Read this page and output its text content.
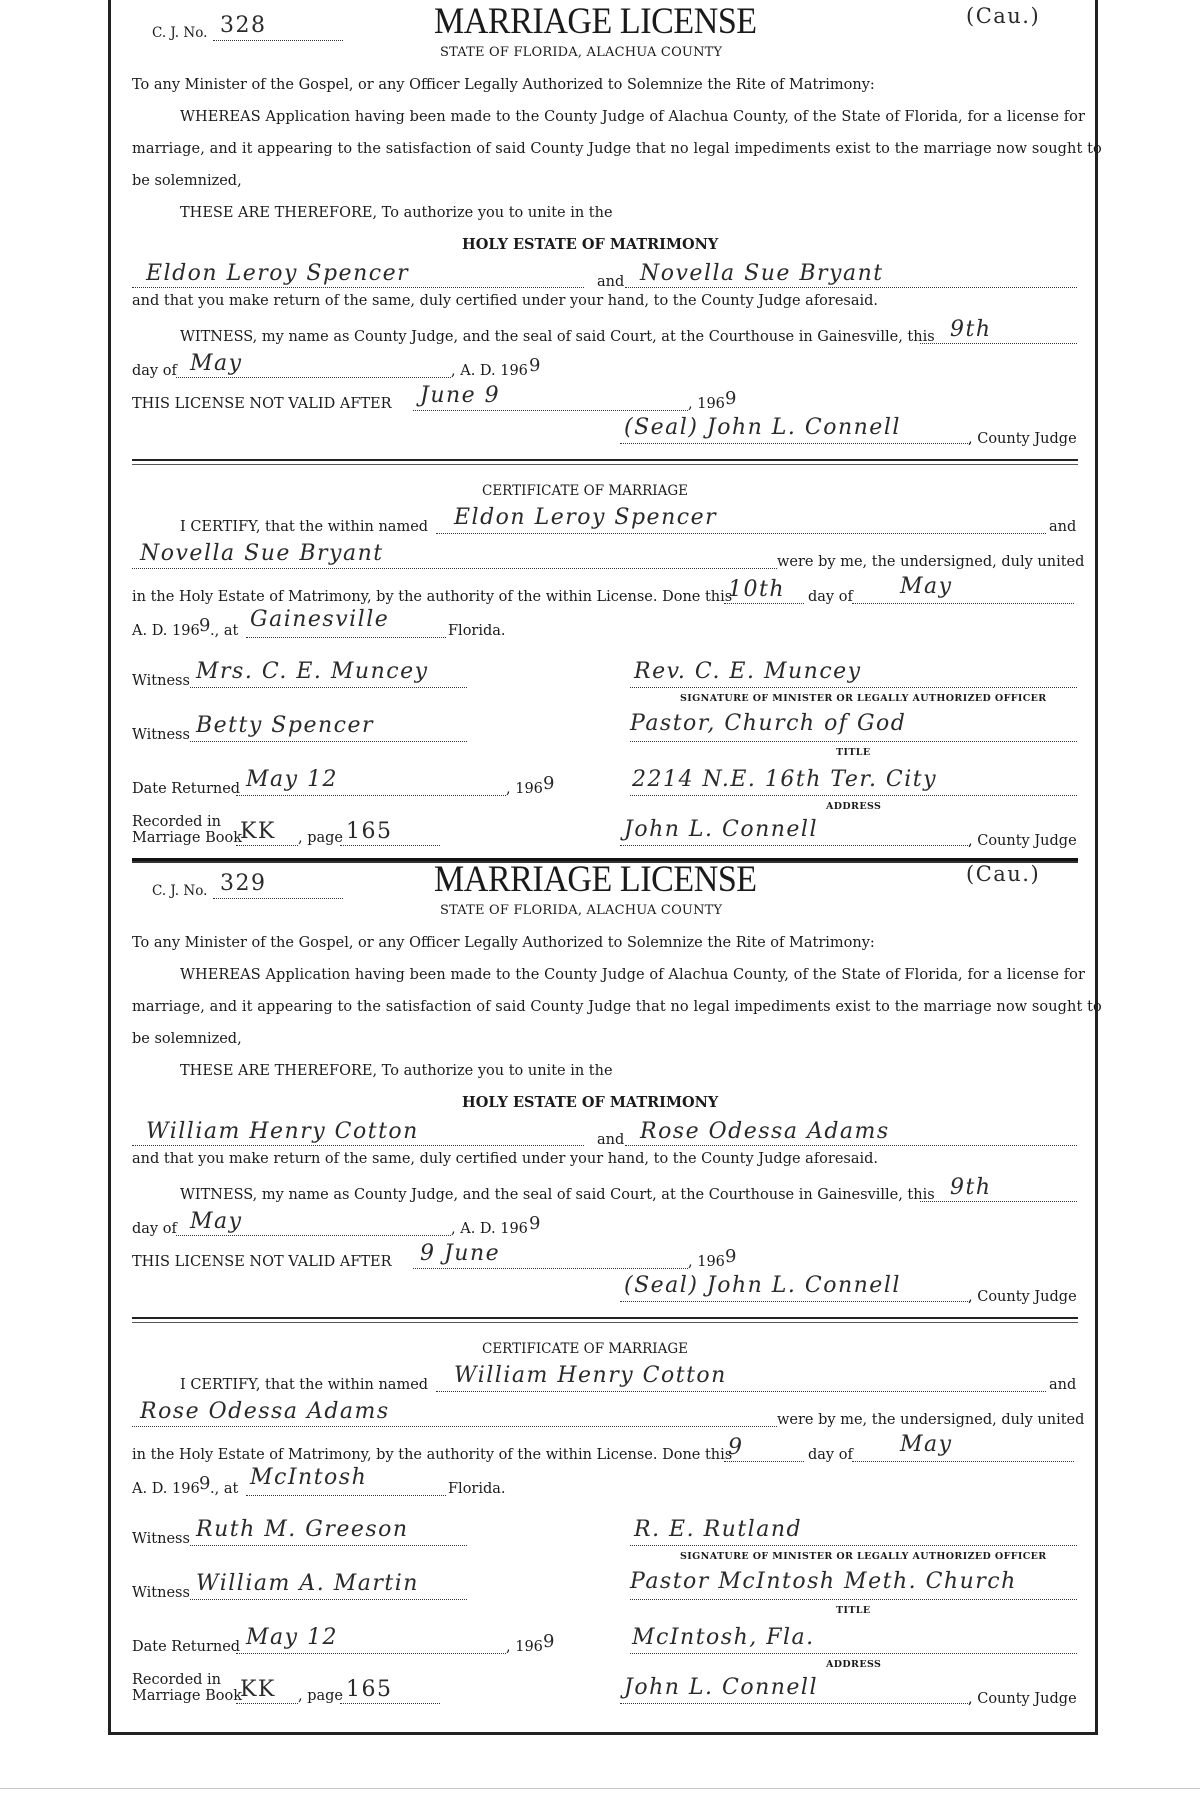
C. J. No. 328	MARRIAGE LICENSE
STATE OF FLORIDA, ALACHUA COUNTY
(Cau.)
To any Minister of the Gospel, or any Officer Legally Authorized to Solemnize the Rite of Matrimony:
WHEREAS Application having been made to the County Judge of Alachua County, of the State of Florida, for a license for
marriage, and it appearing to the satisfaction of said County Judge that no legal impediments exist to the marriage now sought to
be solemnized,
THESE ARE THEREFORE, To authorize you to unite in the
HOLY ESTATE OF MATRIMONY
Eldon Leroy Spencer	and Novella Sue Bryant
and that you make return of the same, duly certified under your hand, to the County Judge aforesaid.
WITNESS, my name as County Judge, and the seal of said Court, at the Courthouse in Gainesville, this 9th
day of May	, A. D. 196 9
THIS LICENSE NOT VALID AFTER June 9	, 196 9
(Seal) John L. Connell	, County Judge
CERTIFICATE OF MARRIAGE
I CERTIFY, that the within named Eldon Leroy Spencer	and
Novella Sue Bryant	were by me, the undersigned, duly united
in the Holy Estate of Matrimony, by the authority of the within License. Done this
10th day of May
A. D. 196 9
., at Gainesville	Florida.
Witness Mrs. C. E. Muncey	Rev. C. E. Muncey
SIGNATURE OF MINISTER OR LEGALLY AUTHORIZED OFFICER
Witness Betty Spencer	Pastor, Church of God
TITLE
Date Returned May 12	, 196 9	2214 N.E. 16th Ter. City
ADDRESS
Recorded in
Marriage Book
KK , page 165	John L. Connell	, County Judge
C. J. No. 329	MARRIAGE LICENSE
STATE OF FLORIDA, ALACHUA COUNTY
(Cau.)
To any Minister of the Gospel, or any Officer Legally Authorized to Solemnize the Rite of Matrimony:
WHEREAS Application having been made to the County Judge of Alachua County, of the State of Florida, for a license for
marriage, and it appearing to the satisfaction of said County Judge that no legal impediments exist to the marriage now sought to
be solemnized,
THESE ARE THEREFORE, To authorize you to unite in the
HOLY ESTATE OF MATRIMONY
William Henry Cotton	and Rose Odessa Adams
and that you make return of the same, duly certified under your hand, to the County Judge aforesaid.
WITNESS, my name as County Judge, and the seal of said Court, at the Courthouse in Gainesville, this 9th
day of May	, A. D. 196 9
THIS LICENSE NOT VALID AFTER 9 June	, 196 9
(Seal) John L. Connell	, County Judge
CERTIFICATE OF MARRIAGE
I CERTIFY, that the within named William Henry Cotton	and
Rose Odessa Adams	were by me, the undersigned, duly united
in the Holy Estate of Matrimony, by the authority of the within License. Done this
9	day of May
A. D. 196 9
., at McIntosh	Florida.
Witness Ruth M. Greeson	R. E. Rutland
SIGNATURE OF MINISTER OR LEGALLY AUTHORIZED OFFICER
Witness William A. Martin	Pastor McIntosh Meth. Church
TITLE
Date Returned May 12	, 196 9	McIntosh, Fla.
ADDRESS
Recorded in
Marriage Book
KK , page 165	John L. Connell	, County Judge
